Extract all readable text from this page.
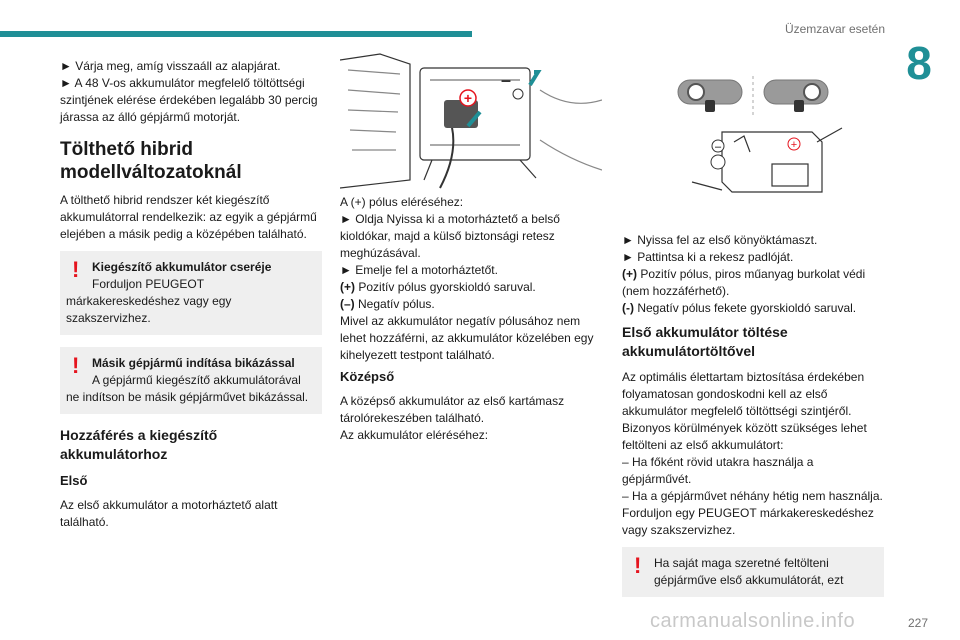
Üzemzavar esetén
8
227

► Várja meg, amíg visszaáll az alapjárat.

► A 48 V-os akkumulátor megfelelő töltöttségi szintjének elérése érdekében legalább 30 percig járassa az álló gépjármű motorját.

Tölthető hibrid modellváltozatoknál

A tölthető hibrid rendszer két kiegészítő akkumulátorral rendelkezik: az egyik a gépjármű elejében a másik pedig a középében található.

! Kiegészítő akkumulátor cseréje

Forduljon PEUGEOT

márkakereskedéshez vagy egy szakszervizhez.

! Másik gépjármű indítása bikázással

A gépjármű kiegészítő akkumulátorával

ne indítson be másik gépjárművet bikázással.

Hozzáférés a kiegészítő akkumulátorhoz
Első

Az első akkumulátor a motorháztető alatt található.

+
–

A (+) pólus eléréséhez:

► Oldja Nyissa ki a motorháztető a belső kioldókar, majd a külső biztonsági retesz meghúzásával.

► Emelje fel a motorháztetőt.

(+) Pozitív pólus gyorskioldó saruval.

(–) Negatív pólus.

Mivel az akkumulátor negatív pólusához nem lehet hozzáférni, az akkumulátor közelében egy kihelyezett testpont található.

Középső

A középső akkumulátor az első kartámasz tárolórekeszében található.

Az akkumulátor eléréséhez:

–	+

► Nyissa fel az első könyöktámaszt.

► Pattintsa ki a rekesz padlóját.

(+) Pozitív pólus, piros műanyag burkolat védi (nem hozzáférhető).

(-) Negatív pólus fekete gyorskioldó saruval.

Első akkumulátor töltése akkumulátortöltővel

Az optimális élettartam biztosítása érdekében folyamatosan gondoskodni kell az első akkumulátor megfelelő töltöttségi szintjéről.

Bizonyos körülmények között szükséges lehet feltölteni az első akkumulátort:

– Ha főként rövid utakra használja a gépjárművét.

– Ha a gépjárművet néhány hétig nem használja.

Forduljon egy PEUGEOT márkakereskedéshez vagy szakszervizhez.

! Ha saját maga szeretné feltölteni gépjárműve első akkumulátorát, ezt

carmanualsonline.info
